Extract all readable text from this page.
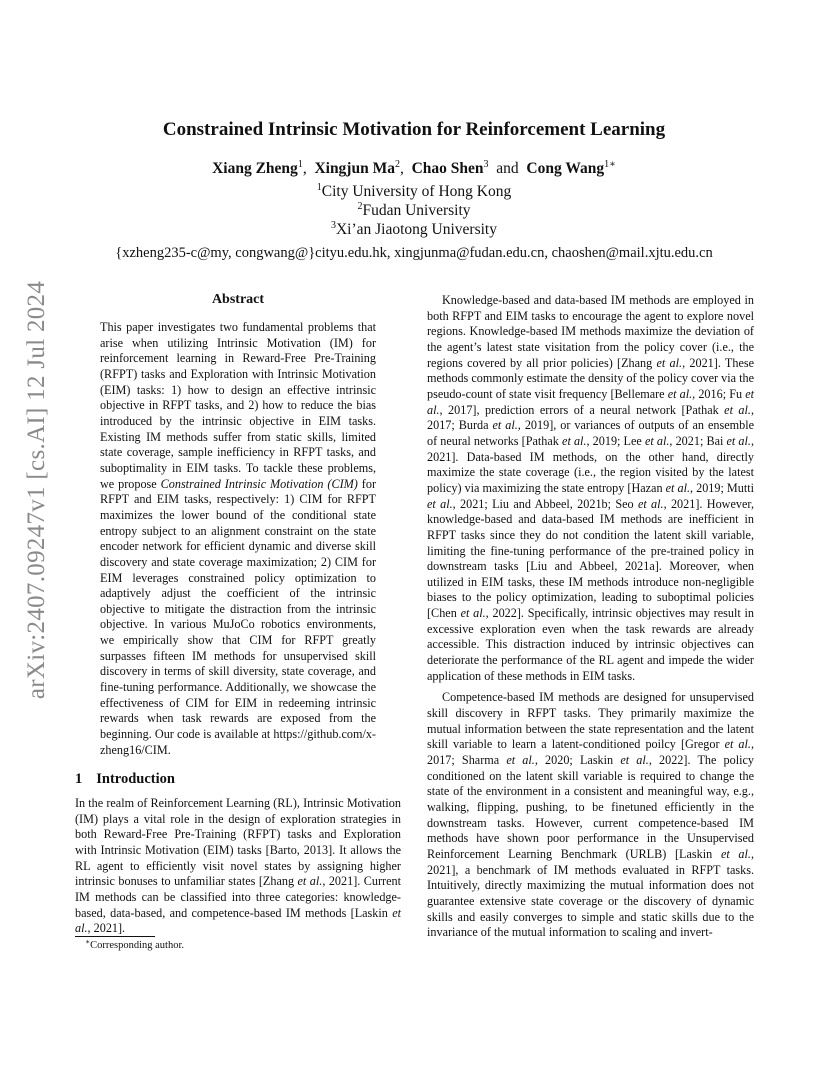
arXiv:2407.09247v1 [cs.AI] 12 Jul 2024
Constrained Intrinsic Motivation for Reinforcement Learning
Xiang Zheng$^1$, Xingjun Ma$^2$, Chao Shen$^3$ and Cong Wang$^{1∗}$
$^1$City University of Hong Kong
$^2$Fudan University
$^3$Xi’an Jiaotong University
{xzheng235-c@my, congwang@}cityu.edu.hk, xingjunma@fudan.edu.cn, chaoshen@mail.xjtu.edu.cn
Abstract

This paper investigates two fundamental problems that arise when utilizing Intrinsic Motivation (IM) for reinforcement learning in Reward-Free Pre-Training (RFPT) tasks and Exploration with Intrinsic Motivation (EIM) tasks: 1) how to design an effective intrinsic objective in RFPT tasks, and 2) how to reduce the bias introduced by the intrinsic objective in EIM tasks. Existing IM methods suffer from static skills, limited state coverage, sample inefficiency in RFPT tasks, and suboptimality in EIM tasks. To tackle these problems, we propose Constrained Intrinsic Motivation (CIM) for RFPT and EIM tasks, respectively: 1) CIM for RFPT maximizes the lower bound of the conditional state entropy subject to an alignment constraint on the state encoder network for efficient dynamic and diverse skill discovery and state coverage maximization; 2) CIM for EIM leverages constrained policy optimization to adaptively adjust the coefficient of the intrinsic objective to mitigate the distraction from the intrinsic objective. In various MuJoCo robotics environments, we empirically show that CIM for RFPT greatly surpasses fifteen IM methods for unsupervised skill discovery in terms of skill diversity, state coverage, and fine-tuning performance. Additionally, we showcase the effectiveness of CIM for EIM in redeeming intrinsic rewards when task rewards are exposed from the beginning. Our code is available at https://github.com/x-zheng16/CIM.

1 Introduction

In the realm of Reinforcement Learning (RL), Intrinsic Motivation (IM) plays a vital role in the design of exploration strategies in both Reward-Free Pre-Training (RFPT) tasks and Exploration with Intrinsic Motivation (EIM) tasks [Barto, 2013]. It allows the RL agent to efficiently visit novel states by assigning higher intrinsic bonuses to unfamiliar states [Zhang et al., 2021]. Current IM methods can be classified into three categories: knowledge-based, data-based, and competence-based IM methods [Laskin et al., 2021].

∗Corresponding author.

Knowledge-based and data-based IM methods are employed in both RFPT and EIM tasks to encourage the agent to explore novel regions. Knowledge-based IM methods maximize the deviation of the agent’s latest state visitation from the policy cover (i.e., the regions covered by all prior policies) [Zhang et al., 2021]. These methods commonly estimate the density of the policy cover via the pseudo-count of state visit frequency [Bellemare et al., 2016; Fu et al., 2017], prediction errors of a neural network [Pathak et al., 2017; Burda et al., 2019], or variances of outputs of an ensemble of neural networks [Pathak et al., 2019; Lee et al., 2021; Bai et al., 2021]. Data-based IM methods, on the other hand, directly maximize the state coverage (i.e., the region visited by the latest policy) via maximizing the state entropy [Hazan et al., 2019; Mutti et al., 2021; Liu and Abbeel, 2021b; Seo et al., 2021]. However, knowledge-based and data-based IM methods are inefficient in RFPT tasks since they do not condition the latent skill variable, limiting the fine-tuning performance of the pre-trained policy in downstream tasks [Liu and Abbeel, 2021a]. Moreover, when utilized in EIM tasks, these IM methods introduce non-negligible biases to the policy optimization, leading to suboptimal policies [Chen et al., 2022]. Specifically, intrinsic objectives may result in excessive exploration even when the task rewards are already accessible. This distraction induced by intrinsic objectives can deteriorate the performance of the RL agent and impede the wider application of these methods in EIM tasks.

Competence-based IM methods are designed for unsupervised skill discovery in RFPT tasks. They primarily maximize the mutual information between the state representation and the latent skill variable to learn a latent-conditioned poilcy [Gregor et al., 2017; Sharma et al., 2020; Laskin et al., 2022]. The policy conditioned on the latent skill variable is required to change the state of the environment in a consistent and meaningful way, e.g., walking, flipping, pushing, to be finetuned efficiently in the downstream tasks. However, current competence-based IM methods have shown poor performance in the Unsupervised Reinforcement Learning Benchmark (URLB) [Laskin et al., 2021], a benchmark of IM methods evaluated in RFPT tasks. Intuitively, directly maximizing the mutual information does not guarantee extensive state coverage or the discovery of dynamic skills and easily converges to simple and static skills due to the invariance of the mutual information to scaling and invert-
